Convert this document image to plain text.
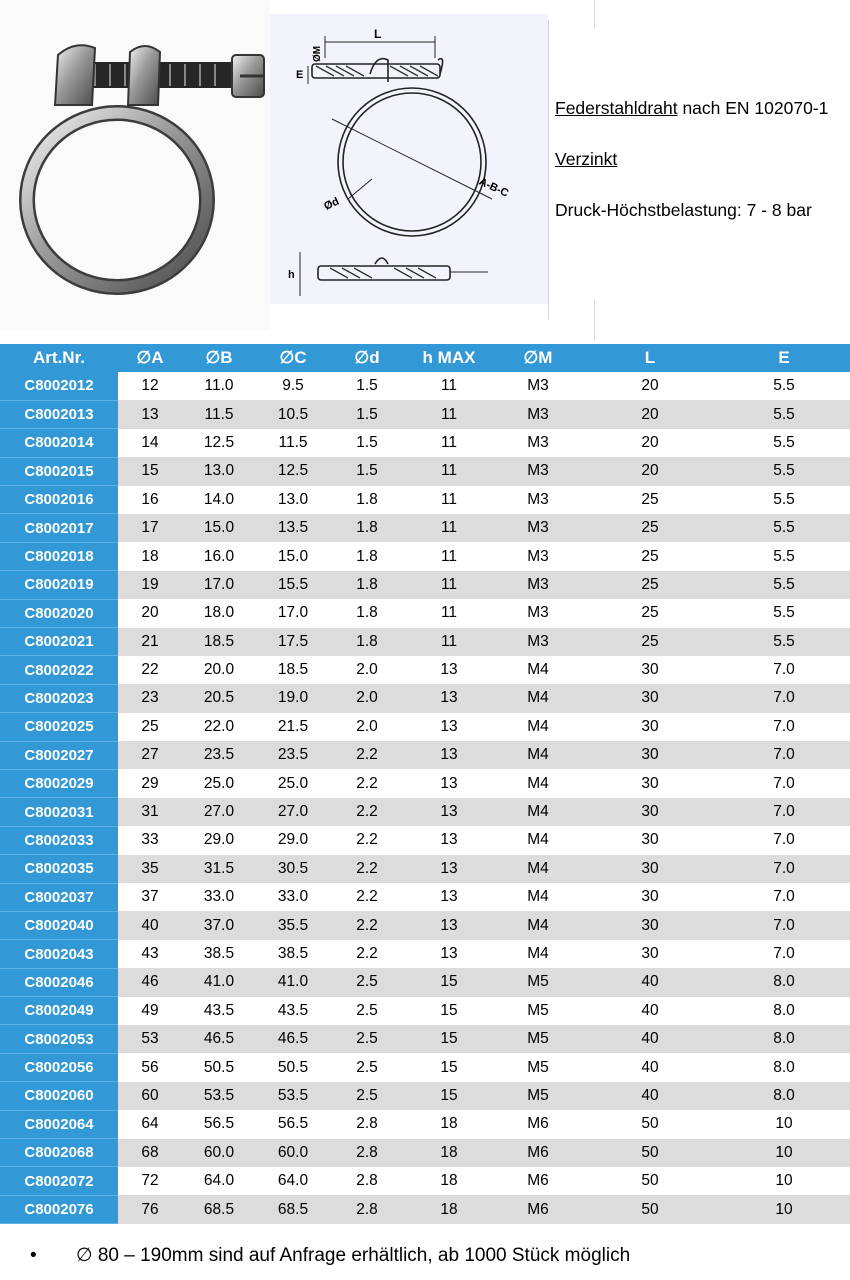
L
ØM
E
Ød
A-B-C
h
Federstahldraht nach EN 102070-1
Verzinkt
Druck-Höchstbelastung: 7 - 8 bar
Art.Nr.	∅A	∅B	∅C	∅d	h MAX	∅M	L	E
C8002012	12	11.0	9.5	1.5	11	M3	20	5.5
C8002013	13	11.5	10.5	1.5	11	M3	20	5.5
C8002014	14	12.5	11.5	1.5	11	M3	20	5.5
C8002015	15	13.0	12.5	1.5	11	M3	20	5.5
C8002016	16	14.0	13.0	1.8	11	M3	25	5.5
C8002017	17	15.0	13.5	1.8	11	M3	25	5.5
C8002018	18	16.0	15.0	1.8	11	M3	25	5.5
C8002019	19	17.0	15.5	1.8	11	M3	25	5.5
C8002020	20	18.0	17.0	1.8	11	M3	25	5.5
C8002021	21	18.5	17.5	1.8	11	M3	25	5.5
C8002022	22	20.0	18.5	2.0	13	M4	30	7.0
C8002023	23	20.5	19.0	2.0	13	M4	30	7.0
C8002025	25	22.0	21.5	2.0	13	M4	30	7.0
C8002027	27	23.5	23.5	2.2	13	M4	30	7.0
C8002029	29	25.0	25.0	2.2	13	M4	30	7.0
C8002031	31	27.0	27.0	2.2	13	M4	30	7.0
C8002033	33	29.0	29.0	2.2	13	M4	30	7.0
C8002035	35	31.5	30.5	2.2	13	M4	30	7.0
C8002037	37	33.0	33.0	2.2	13	M4	30	7.0
C8002040	40	37.0	35.5	2.2	13	M4	30	7.0
C8002043	43	38.5	38.5	2.2	13	M4	30	7.0
C8002046	46	41.0	41.0	2.5	15	M5	40	8.0
C8002049	49	43.5	43.5	2.5	15	M5	40	8.0
C8002053	53	46.5	46.5	2.5	15	M5	40	8.0
C8002056	56	50.5	50.5	2.5	15	M5	40	8.0
C8002060	60	53.5	53.5	2.5	15	M5	40	8.0
C8002064	64	56.5	56.5	2.8	18	M6	50	10
C8002068	68	60.0	60.0	2.8	18	M6	50	10
C8002072	72	64.0	64.0	2.8	18	M6	50	10
C8002076	76	68.5	68.5	2.8	18	M6	50	10
• ∅ 80 – 190mm sind auf Anfrage erhältlich, ab 1000 Stück möglich
